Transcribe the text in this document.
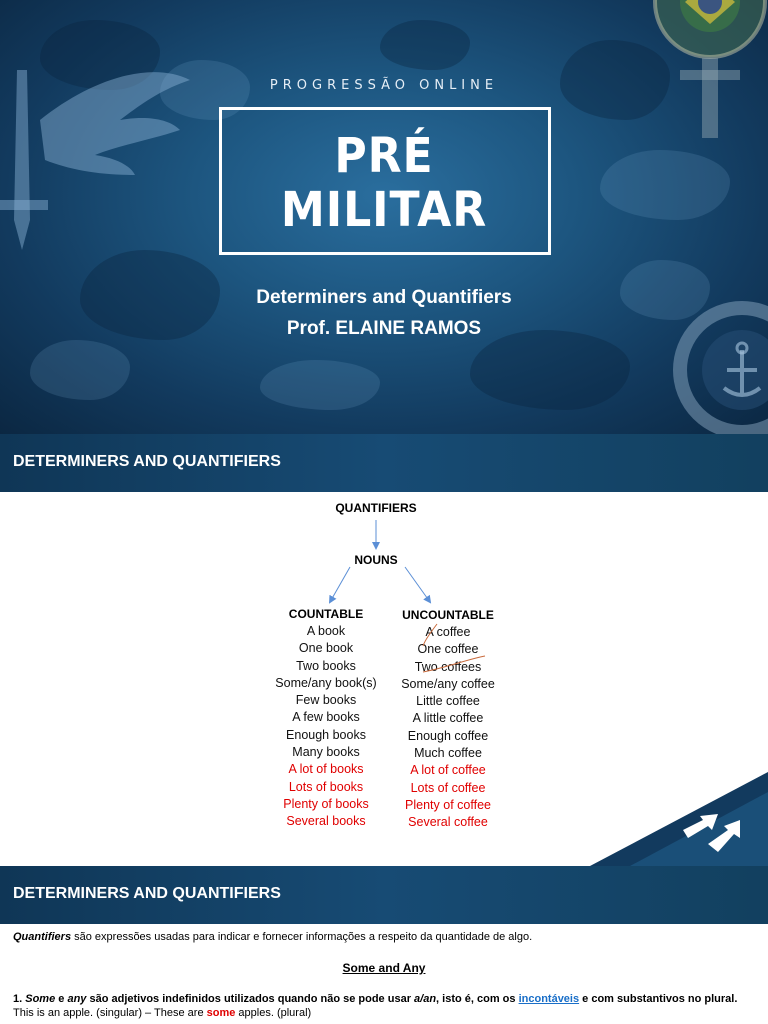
PROGRESSÃO ONLINE
PRÉ
MILITAR
Determiners and Quantifiers
Prof. ELAINE RAMOS
DETERMINERS AND QUANTIFIERS
QUANTIFIERS
NOUNS
COUNTABLE	UNCOUNTABLE
A book
One book
Two books
Some/any book(s)
Few books
A few books
Enough books
Many books
A lot of books
Lots of books
Plenty of books
Several books
A coffee
One coffee
Two coffees
Some/any coffee
Little coffee
A little coffee
Enough coffee
Much coffee
A lot of coffee
Lots of coffee
Plenty of coffee
Several coffee
DETERMINERS AND QUANTIFIERS
Quantifiers são expressões usadas para indicar e fornecer informações a respeito da quantidade de algo.
Some and Any
1. Some e any são adjetivos indefinidos utilizados quando não se pode usar a/an, isto é, com os incontáveis e com substantivos no plural.
This is an apple. (singular) – These are some apples. (plural)
